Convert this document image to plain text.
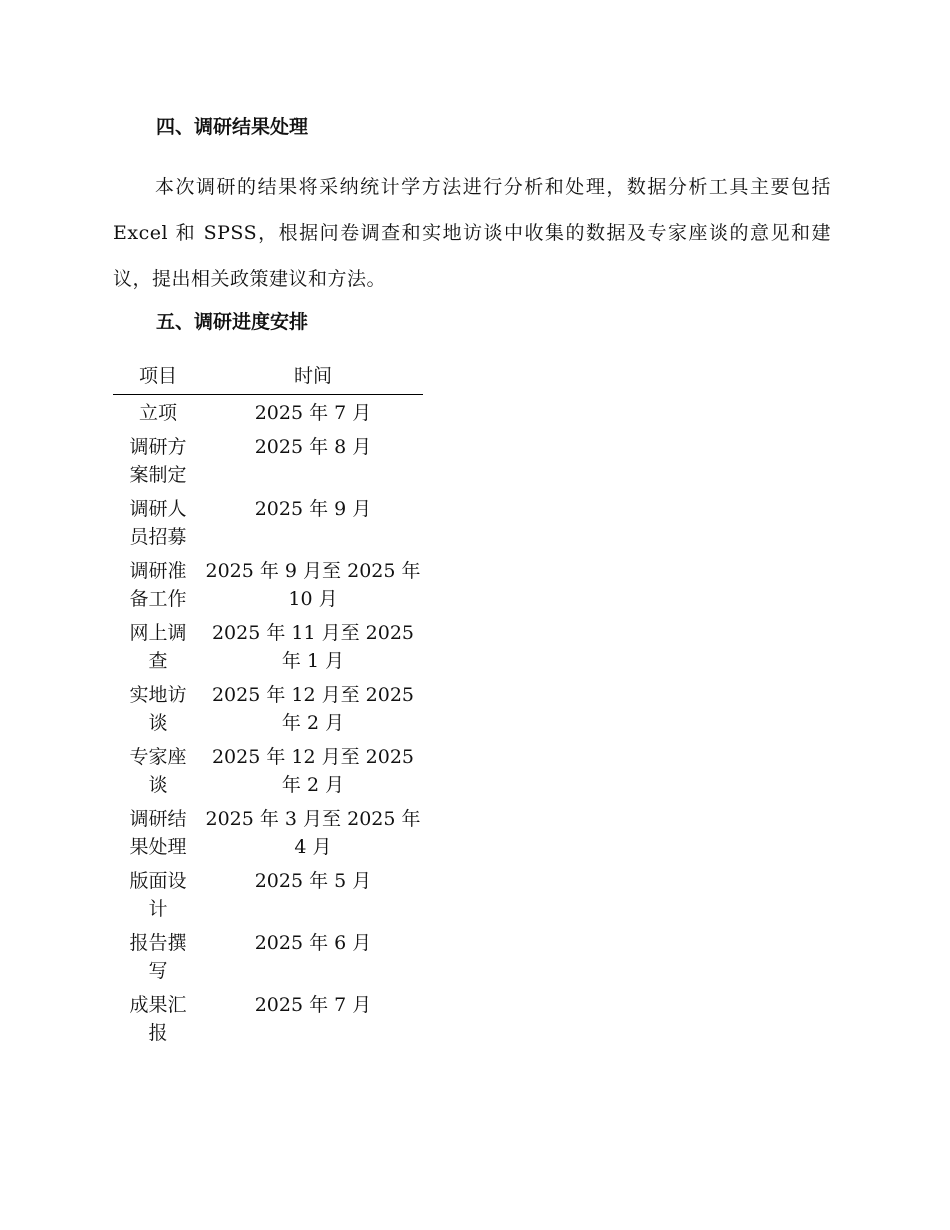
四、调研结果处理

本次调研的结果将采纳统计学方法进行分析和处理，数据分析工具主要包括 Excel 和 SPSS，根据问卷调查和实地访谈中收集的数据及专家座谈的意见和建议，提出相关政策建议和方法。

五、调研进度安排
项目	时间
立项	2025 年 7 月
调研方案制定	2025 年 8 月
调研人员招募	2025 年 9 月
调研准备工作	2025 年 9 月至 2025 年 10 月
网上调查	2025 年 11 月至 2025 年 1 月
实地访谈	2025 年 12 月至 2025 年 2 月
专家座谈	2025 年 12 月至 2025 年 2 月
调研结果处理	2025 年 3 月至 2025 年 4 月
版面设计	2025 年 5 月
报告撰写	2025 年 6 月
成果汇报	2025 年 7 月
